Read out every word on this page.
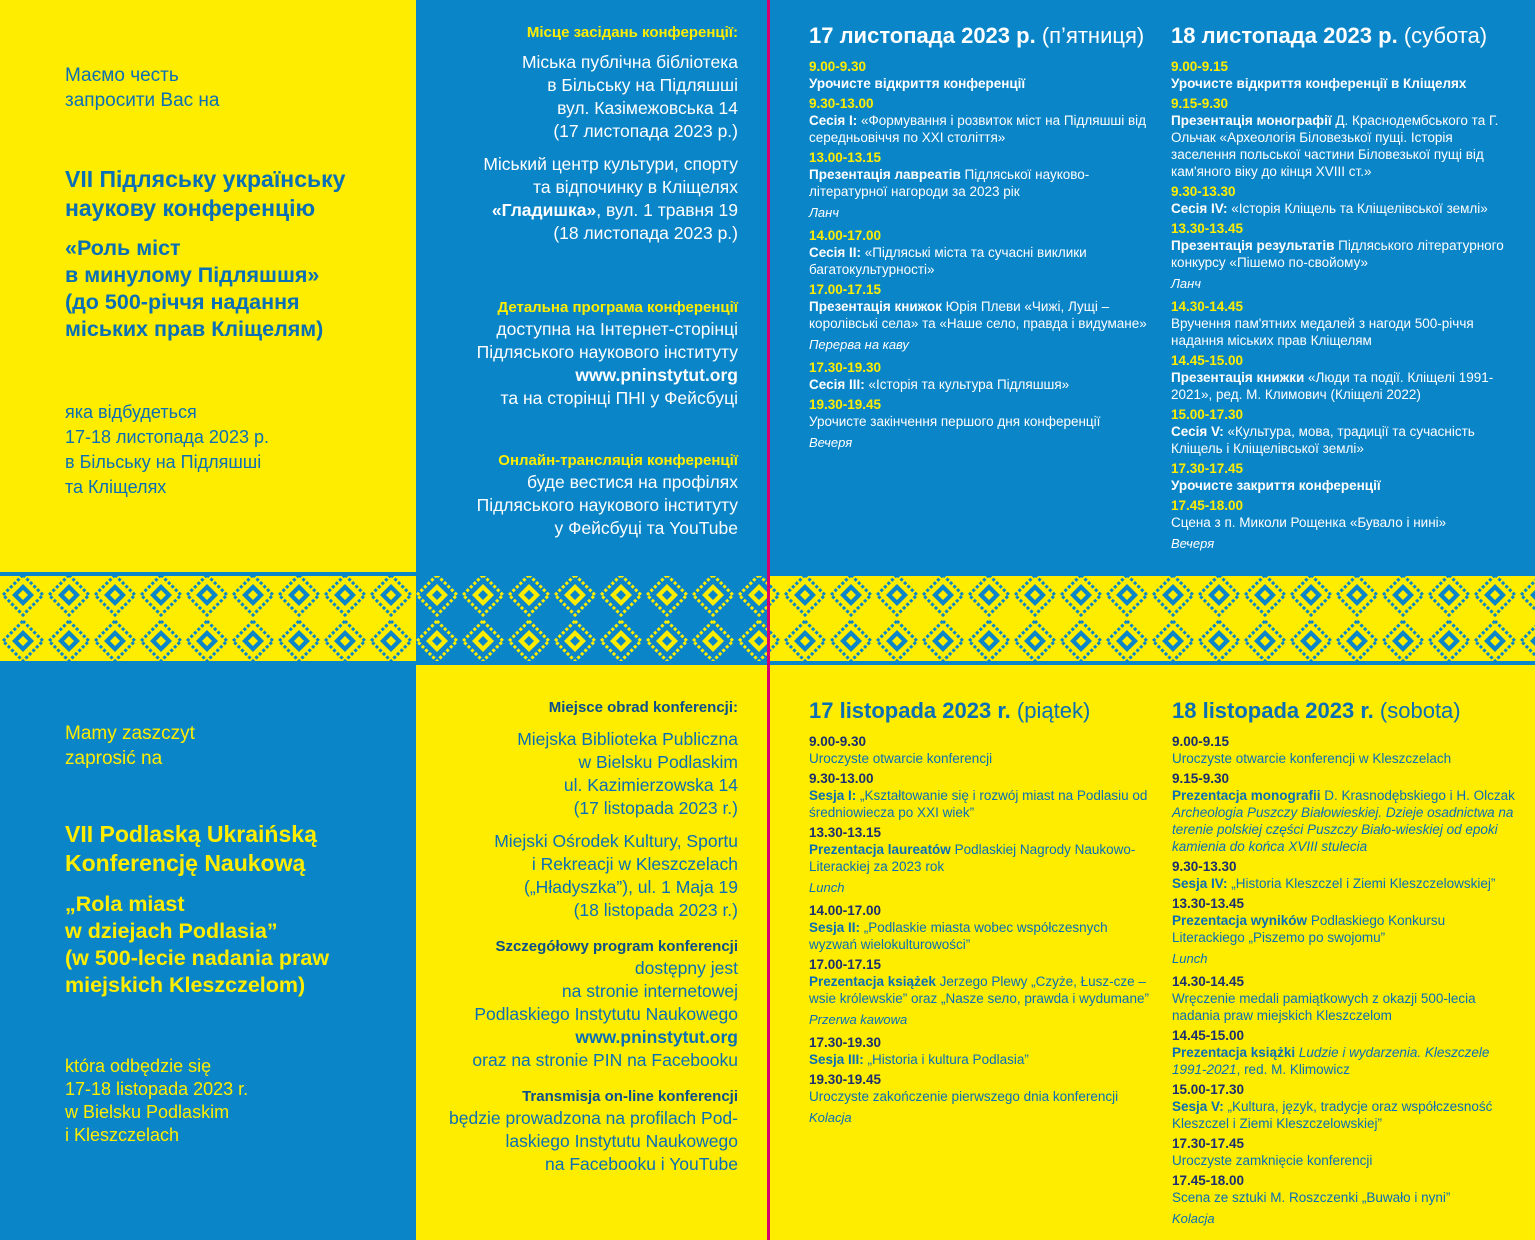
Маємо честь
запросити Вас на
VII Підляську українську
наукову конференцію
«Роль міст
в минулому Підляшшя»
(до 500-річчя надання
міських прав Кліщелям)
яка відбудеться
17-18 листопада 2023 р.
в Більську на Підляшші
та Кліщелях
Місце засідань конференції:
Міська публічна бібліотека
в Більську на Підляшші
вул. Казімежовська 14
(17 листопада 2023 р.)
Міський центр культури, спорту
та відпочинку в Кліщелях
«Гладишка», вул. 1 травня 19
(18 листопада 2023 р.)
Детальна програма конференції
доступна на Інтернет-сторінці
Підляського наукового інституту
www.pninstytut.org
та на сторінці ПНІ у Фейсбуці
Онлайн-трансляція конференції
буде вестися на профілях
Підляського наукового інституту
у Фейсбуці та YouTube
17 листопада 2023 р. (п’ятниця)
9.00-9.30
Урочисте відкриття конференції
9.30-13.00
Сесія І: «Формування і розвиток міст на Підляшші від середньовіччя по XXI століття»
13.00-13.15
Презентація лавреатів Підляської науково-літературної нагороди за 2023 рік
Ланч
14.00-17.00
Сесія II: «Підляські міста та сучасні виклики багатокультурності»
17.00-17.15
Презентація книжок Юрія Плеви «Чижі, Лущі – королівські села» та «Наше село, правда і видумане»
Перерва на каву
17.30-19.30
Сесія III: «Історія та культура Підляшшя»
19.30-19.45
Урочисте закінчення першого дня конференції
Вечеря
18 листопада 2023 р. (субота)
9.00-9.15
Урочисте відкриття конференції в Кліщелях
9.15-9.30
Презентація монографії Д. Краснодембського та Г. Ольчак «Археологія Біловезької пущі. Історія заселення польської частини Біловезької пущі від кам'яного віку до кінця XVIII ст.»
9.30-13.30
Сесія IV: «Історія Кліщель та Кліщелівської землі»
13.30-13.45
Презентація результатів Підляського літературного конкурсу «Пішемо по-свойому»
Ланч
14.30-14.45
Вручення пам'ятних медалей з нагоди 500-річчя надання міських прав Кліщелям
14.45-15.00
Презентація книжки «Люди та події. Кліщелі 1991-2021», ред. М. Климович (Кліщелі 2022)
15.00-17.30
Сесія V: «Культура, мова, традиції та сучасність Кліщель і Кліщелівської землі»
17.30-17.45
Урочисте закриття конференції
17.45-18.00
Сцена з п. Миколи Рощенка «Бувало і нині»
Вечеря
Mamy zaszczyt
zaprosić na
VII Podlaską Ukraińską
Konferencję Naukową
„Rola miast
w dziejach Podlasia”
(w 500-lecie nadania praw
miejskich Kleszczelom)
która odbędzie się
17-18 listopada 2023 r.
w Bielsku Podlaskim
i Kleszczelach
Miejsce obrad konferencji:
Miejska Biblioteka Publiczna
w Bielsku Podlaskim
ul. Kazimierzowska 14
(17 listopada 2023 r.)
Miejski Ośrodek Kultury, Sportu
i Rekreacji w Kleszczelach
(„Hładyszka”), ul. 1 Maja 19
(18 listopada 2023 r.)
Szczegółowy program konferencji
dostępny jest
na stronie internetowej
Podlaskiego Instytutu Naukowego
www.pninstytut.org
oraz na stronie PIN na Facebooku
Transmisja on-line konferencji
będzie prowadzona na profilach Pod-
laskiego Instytutu Naukowego
na Facebooku i YouTube
17 listopada 2023 r. (piątek)
9.00-9.30
Uroczyste otwarcie konferencji
9.30-13.00
Sesja I: „Kształtowanie się i rozwój miast na Podlasiu od średniowiecza po XXI wiek”
13.30-13.15
Prezentacja laureatów Podlaskiej Nagrody Naukowo-Literackiej za 2023 rok
Lunch
14.00-17.00
Sesja II: „Podlaskie miasta wobec współczesnych wyzwań wielokulturowości”
17.00-17.15
Prezentacja książek Jerzego Plewy „Czyże, Łusz-cze – wsie królewskie” oraz „Nasze sело, prawda i wydumane”
Przerwa kawowa
17.30-19.30
Sesja III: „Historia i kultura Podlasia”
19.30-19.45
Uroczyste zakończenie pierwszego dnia konferencji
Kolacja
18 listopada 2023 r. (sobota)
9.00-9.15
Uroczyste otwarcie konferencji w Kleszczelach
9.15-9.30
Prezentacja monografii D. Krasnodębskiego i H. Olczak Archeologia Puszczy Białowieskiej. Dzieje osadnictwa na terenie polskiej części Puszczy Biało-wieskiej od epoki kamienia do końca XVIII stulecia
9.30-13.30
Sesja IV: „Historia Kleszczel i Ziemi Kleszczelowskiej”
13.30-13.45
Prezentacja wyników Podlaskiego Konkursu Literackiego „Piszemo po swojomu”
Lunch
14.30-14.45
Wręczenie medali pamiątkowych z okazji 500-lecia nadania praw miejskich Kleszczelom
14.45-15.00
Prezentacja książki Ludzie i wydarzenia. Kleszczele 1991-2021, red. M. Klimowicz
15.00-17.30
Sesja V: „Kultura, język, tradycje oraz współczesność Kleszczel i Ziemi Kleszczelowskiej”
17.30-17.45
Uroczyste zamknięcie konferencji
17.45-18.00
Scena ze sztuki M. Roszczenki „Buwało i nyni”
Kolacja
